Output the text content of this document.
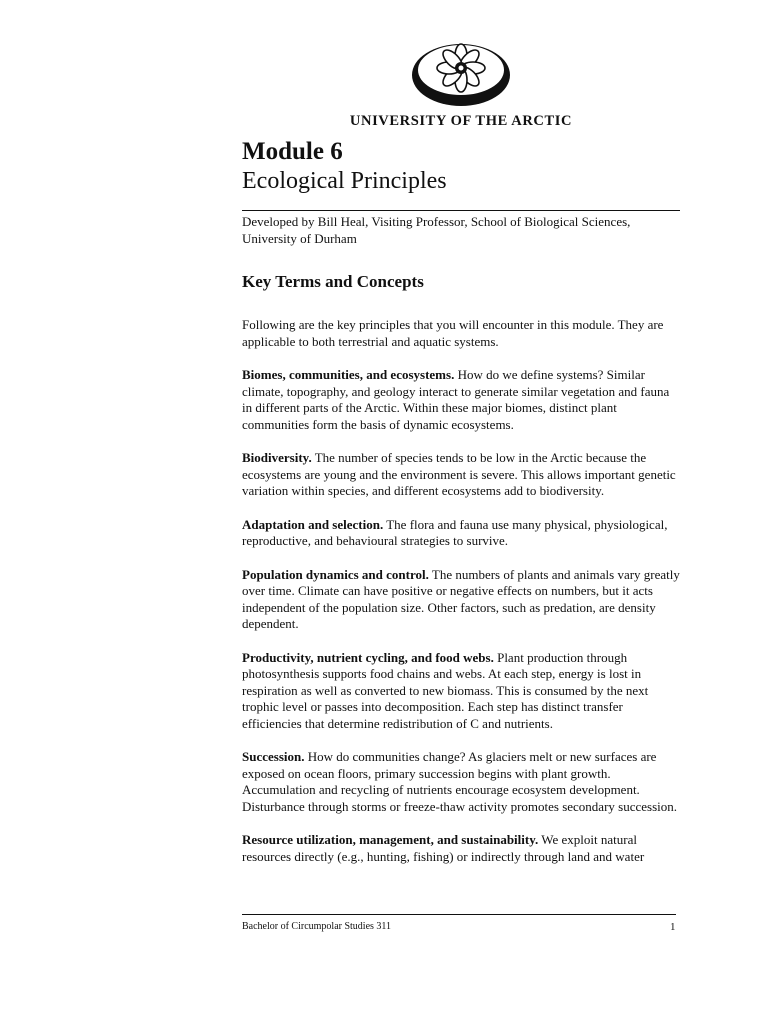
UNIVERSITY OF THE ARCTIC
Module 6
Ecological Principles
Developed by Bill Heal, Visiting Professor, School of Biological Sciences, University of Durham
Key Terms and Concepts

Following are the key principles that you will encounter in this module. They are applicable to both terrestrial and aquatic systems.

Biomes, communities, and ecosystems. How do we define systems? Similar climate, topography, and geology interact to generate similar vegetation and fauna in different parts of the Arctic. Within these major biomes, distinct plant communities form the basis of dynamic ecosystems.

Biodiversity. The number of species tends to be low in the Arctic because the ecosystems are young and the environment is severe. This allows important genetic variation within species, and different ecosystems add to biodiversity.

Adaptation and selection. The flora and fauna use many physical, physiological, reproductive, and behavioural strategies to survive.

Population dynamics and control. The numbers of plants and animals vary greatly over time. Climate can have positive or negative effects on numbers, but it acts independent of the population size. Other factors, such as predation, are density dependent.

Productivity, nutrient cycling, and food webs. Plant production through photosynthesis supports food chains and webs. At each step, energy is lost in respiration as well as converted to new biomass. This is consumed by the next trophic level or passes into decomposition. Each step has distinct transfer efficiencies that determine redistribution of C and nutrients.

Succession. How do communities change? As glaciers melt or new surfaces are exposed on ocean floors, primary succession begins with plant growth. Accumulation and recycling of nutrients encourage ecosystem development. Disturbance through storms or freeze-thaw activity promotes secondary succession.

Resource utilization, management, and sustainability. We exploit natural resources directly (e.g., hunting, fishing) or indirectly through land and water

Bachelor of Circumpolar Studies 311	1
